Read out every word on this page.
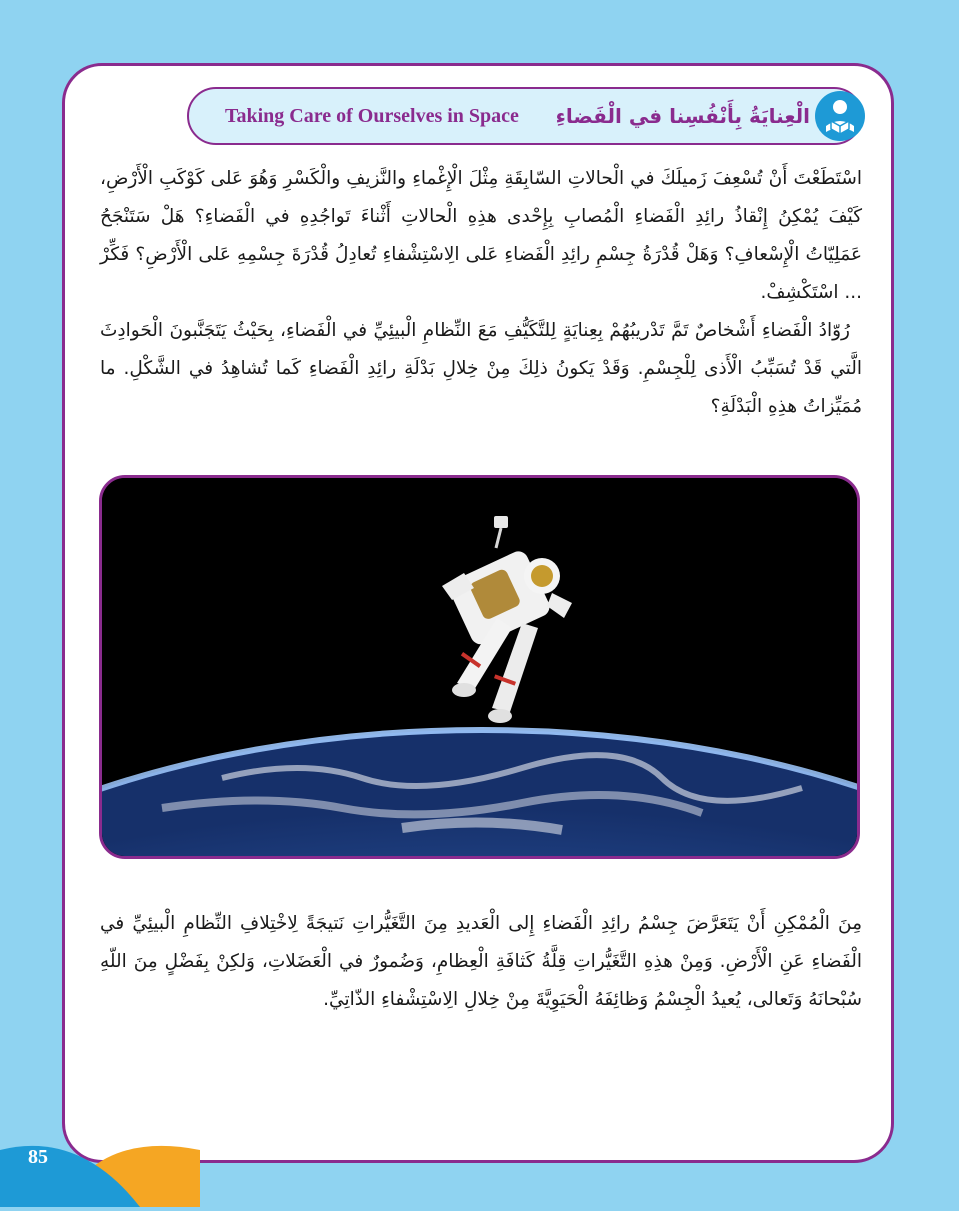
Taking Care of Ourselves in Space الْعِنايَةُ بِأَنْفُسِنا في الْفَضاءِ
اسْتَطَعْتَ أَنْ تُسْعِفَ زَميلَكَ في الْحالاتِ السّابِقَةِ مِثْلَ الْإِغْماءِ والنَّزيفِ والْكَسْرِ وَهُوَ عَلى كَوْكَبِ الْأَرْضِ، كَيْفَ يُمْكِنُ إِنْقاذُ رائِدِ الْفَضاءِ الْمُصابِ بِإِحْدى هذِهِ الْحالاتِ أَثْناءَ تَواجُدِهِ في الْفَضاءِ؟ هَلْ سَتَنْجَحُ عَمَلِيّاتُ الْإِسْعافِ؟ وَهَلْ قُدْرَةُ جِسْمِ رائِدِ الْفَضاءِ عَلى الِاسْتِشْفاءِ تُعادِلُ قُدْرَةَ جِسْمِهِ عَلى الْأَرْضِ؟ فَكِّرْ ... اسْتَكْشِفْ.
رُوّادُ الْفَضاءِ أَشْخاصٌ تَمَّ تَدْريبُهُمْ بِعِنايَةٍ لِلتَّكَيُّفِ مَعَ النِّظامِ الْبيئِيِّ في الْفَضاءِ، بِحَيْثُ يَتَجَنَّبونَ الْحَوادِثَ الَّتي قَدْ تُسَبِّبُ الْأَذى لِلْجِسْمِ. وَقَدْ يَكونُ ذلِكَ مِنْ خِلالِ بَدْلَةِ رائِدِ الْفَضاءِ كَما تُشاهِدُ في الشَّكْلِ. ما مُمَيِّزاتُ هذِهِ الْبَدْلَةِ؟
مِنَ الْمُمْكِنِ أَنْ يَتَعَرَّضَ جِسْمُ رائِدِ الْفَضاءِ إِلى الْعَديدِ مِنَ التَّغَيُّراتِ نَتيجَةً لِاخْتِلافِ النِّظامِ الْبيئِيِّ في الْفَضاءِ عَنِ الْأَرْضِ. وَمِنْ هذِهِ التَّغَيُّراتِ قِلَّةُ كَثافَةِ الْعِظامِ، وَضُمورٌ في الْعَضَلاتِ، وَلكِنْ بِفَضْلٍ مِنَ اللّهِ سُبْحانَهُ وَتَعالى، يُعيدُ الْجِسْمُ وَظائِفَهُ الْحَيَوِيَّةَ مِنْ خِلالِ الِاسْتِشْفاءِ الذّاتِيِّ.
85
